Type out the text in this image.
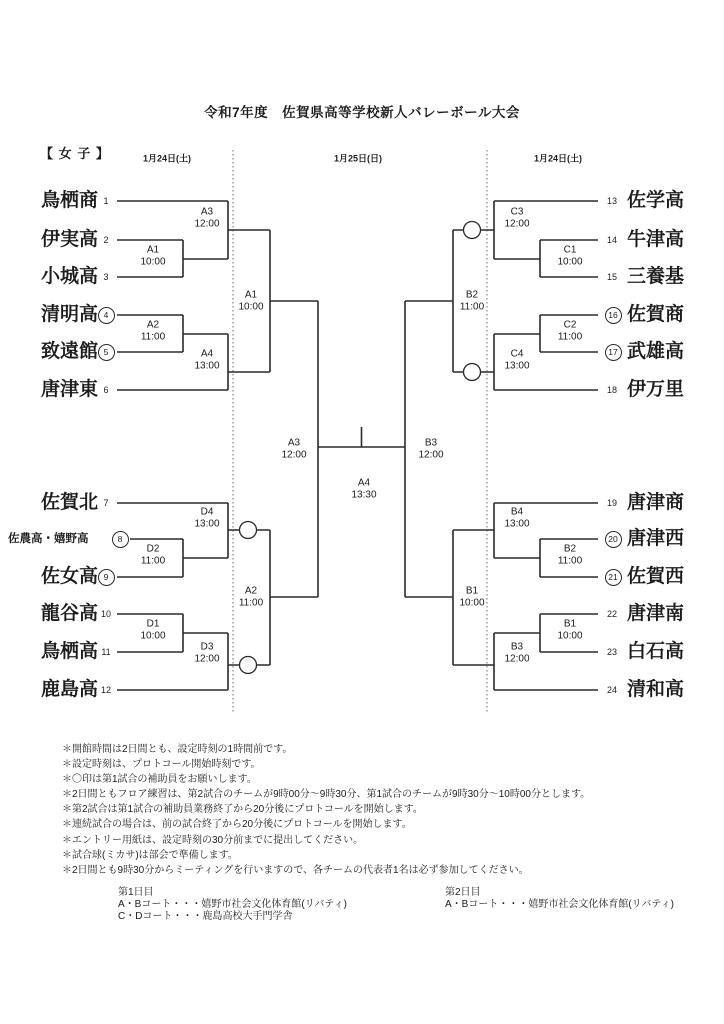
令和7年度　佐賀県高等学校新人バレーボール大会
【 女 子 】	1月24日(土)	1月25日(日)	1月24日(土)
鳥栖商
伊実高
小城高
清明高
致遠館
唐津東
佐賀北
佐農高・嬉野高
佐女高
龍谷高
鳥栖高
鹿島高
1
2
3
4
5
6
7
8
9
10
11
12
佐学高
牛津高
三養基
佐賀商
武雄高
伊万里
唐津商
唐津西
佐賀西
唐津南
白石高
清和高
13
14
15
16
17
18
19
20
21
22
23
24
A3
12:00
A1
10:00
A2
11:00
A4
13:00
D4
13:00
D2
11:00
D1
10:00
D3
12:00
C3
12:00
C1
10:00
C2
11:00
C4
13:00
B4
13:00
B2
11:00
B1
10:00
B3
12:00
A1
10:00
A2
11:00
B2
11:00
B1
10:00
A3
12:00
B3
12:00
A4
13:30
＊開館時間は2日間とも、設定時刻の1時間前です。
＊設定時刻は、プロトコール開始時刻です。
＊〇印は第1試合の補助員をお願いします。
＊2日間ともフロア練習は、第2試合のチームが9時00分～9時30分、第1試合のチームが9時30分～10時00分とします。
＊第2試合は第1試合の補助員業務終了から20分後にプロトコールを開始します。
＊連続試合の場合は、前の試合終了から20分後にプロトコールを開始します。
＊エントリー用紙は、設定時刻の30分前までに提出してください。
＊試合球(ミカサ)は部会で準備します。
＊2日間とも9時30分からミーティングを行いますので、各チームの代表者1名は必ず参加してください。
第1日目
A・Bコート・・・嬉野市社会文化体育館(リバティ)
C・Dコート・・・鹿島高校大手門学舎
第2日目
A・Bコート・・・嬉野市社会文化体育館(リバティ)
